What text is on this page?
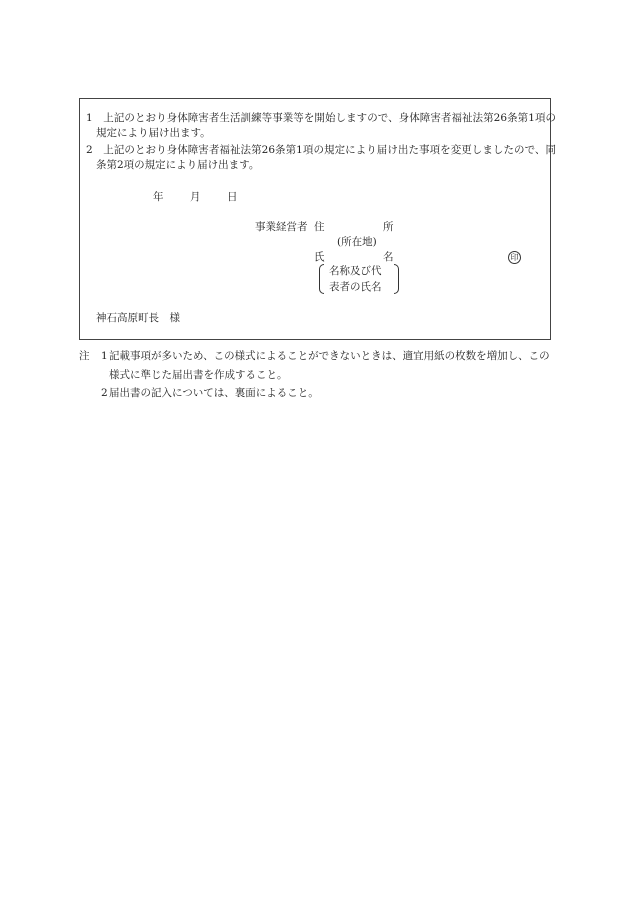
1　上記のとおり身体障害者生活訓練等事業等を開始しますので、身体障害者福祉法第26条第1項の規定により届け出ます。
2　上記のとおり身体障害者福祉法第26条第1項の規定により届け出た事項を変更しましたので、同条第2項の規定により届け出ます。
年	月	日
事業経営者 住	所
(所在地)
氏	名	印
名称及び代
表者の氏名
神石高原町長　様
注 1 記載事項が多いため、この様式によることができないときは、適宜用紙の枚数を増加し、この様式に準じた届出書を作成すること。
2 届出書の記入については、裏面によること。
